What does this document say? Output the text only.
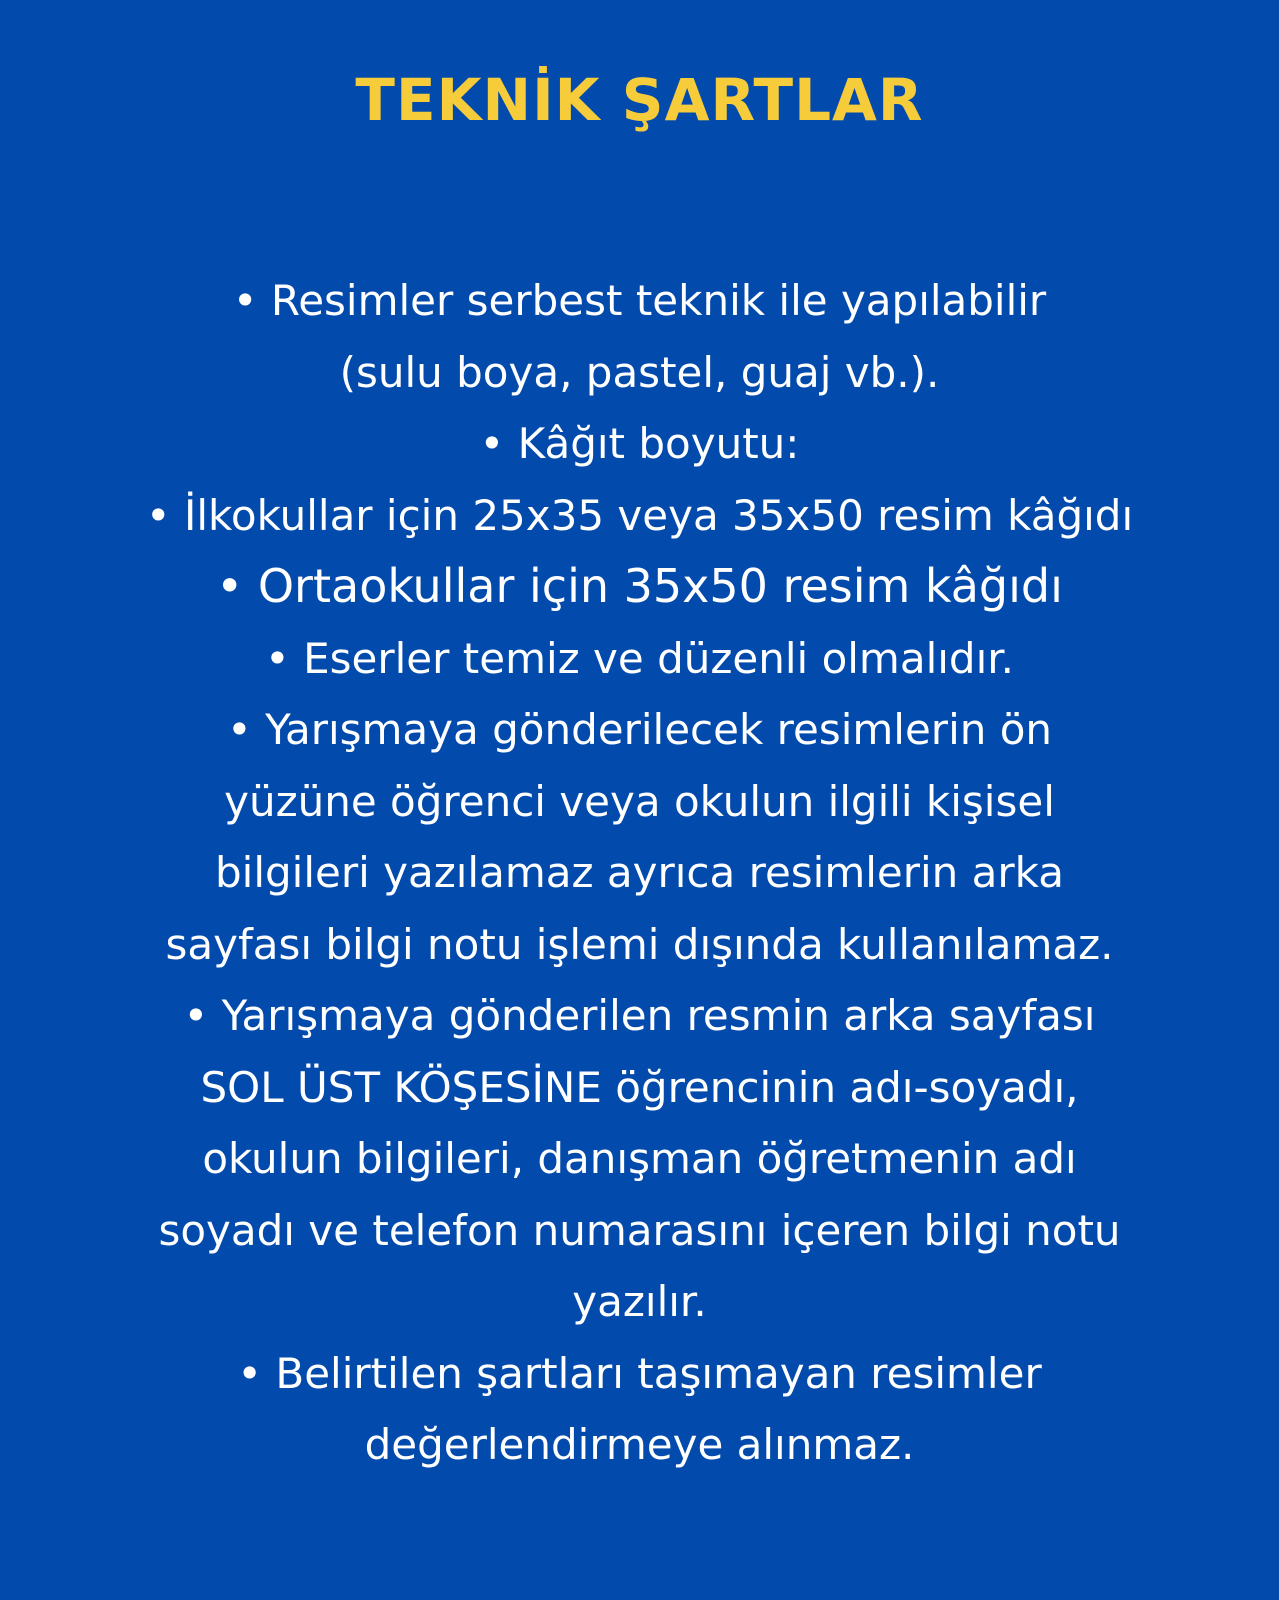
TEKNİK ŞARTLAR
• Resimler serbest teknik ile yapılabilir
(sulu boya, pastel, guaj vb.).
• Kâğıt boyutu:
• İlkokullar için 25x35 veya 35x50 resim kâğıdı
• Ortaokullar için 35x50 resim kâğıdı
• Eserler temiz ve düzenli olmalıdır.
• Yarışmaya gönderilecek resimlerin ön
yüzüne öğrenci veya okulun ilgili kişisel
bilgileri yazılamaz ayrıca resimlerin arka
sayfası bilgi notu işlemi dışında kullanılamaz.
• Yarışmaya gönderilen resmin arka sayfası
SOL ÜST KÖŞESİNE öğrencinin adı-soyadı,
okulun bilgileri, danışman öğretmenin adı
soyadı ve telefon numarasını içeren bilgi notu
yazılır.
• Belirtilen şartları taşımayan resimler
değerlendirmeye alınmaz.
